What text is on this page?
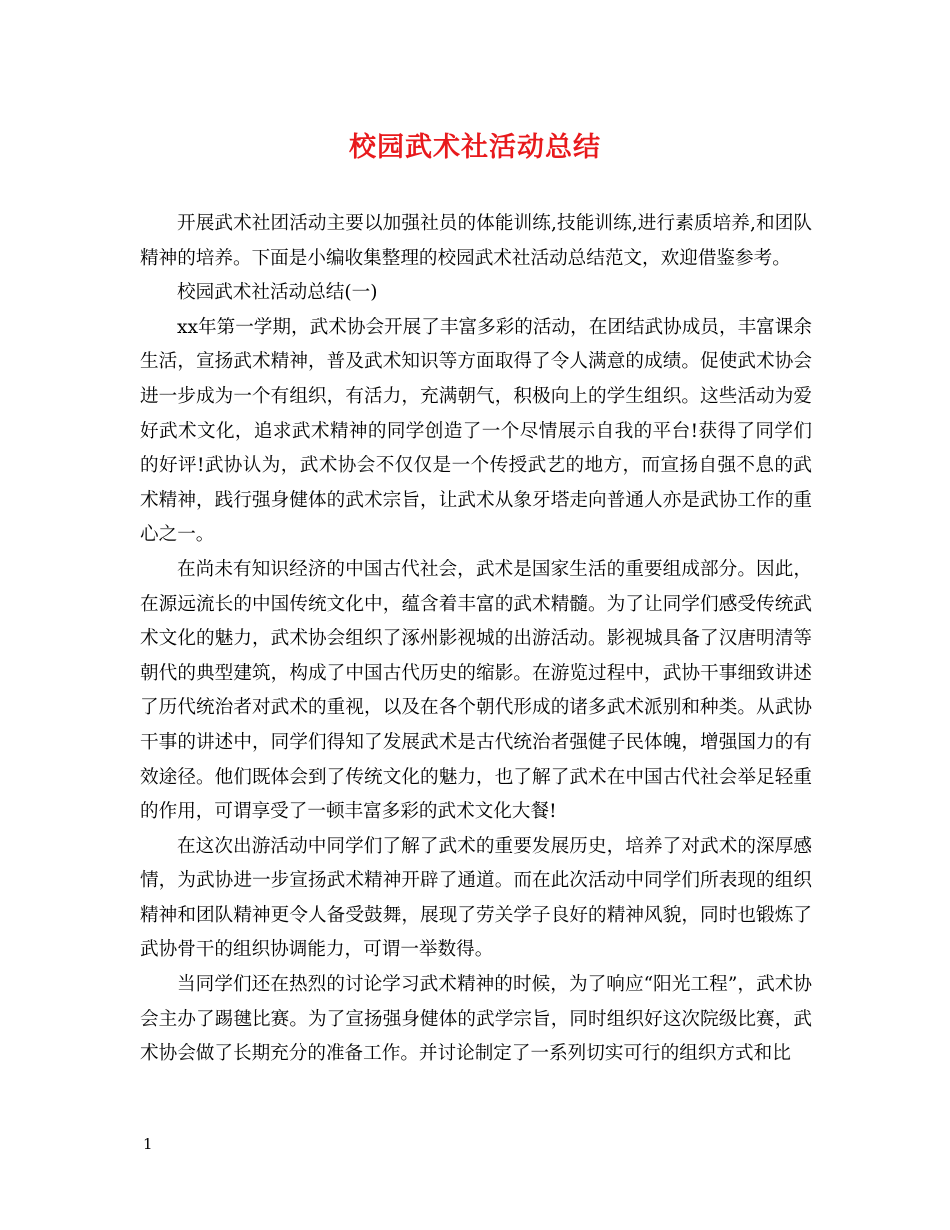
校园武术社活动总结

开展武术社团活动主要以加强社员的体能训练,技能训练,进行素质培养,和团队精神的培养。下面是小编收集整理的校园武术社活动总结范文，欢迎借鉴参考。

校园武术社活动总结(一)

xx年第一学期，武术协会开展了丰富多彩的活动，在团结武协成员，丰富课余生活，宣扬武术精神，普及武术知识等方面取得了令人满意的成绩。促使武术协会进一步成为一个有组织，有活力，充满朝气，积极向上的学生组织。这些活动为爱好武术文化，追求武术精神的同学创造了一个尽情展示自我的平台!获得了同学们的好评!武协认为，武术协会不仅仅是一个传授武艺的地方，而宣扬自强不息的武术精神，践行强身健体的武术宗旨，让武术从象牙塔走向普通人亦是武协工作的重心之一。

在尚未有知识经济的中国古代社会，武术是国家生活的重要组成部分。因此，在源远流长的中国传统文化中，蕴含着丰富的武术精髓。为了让同学们感受传统武术文化的魅力，武术协会组织了涿州影视城的出游活动。影视城具备了汉唐明清等朝代的典型建筑，构成了中国古代历史的缩影。在游览过程中，武协干事细致讲述了历代统治者对武术的重视，以及在各个朝代形成的诸多武术派别和种类。从武协干事的讲述中，同学们得知了发展武术是古代统治者强健子民体魄，增强国力的有效途径。他们既体会到了传统文化的魅力，也了解了武术在中国古代社会举足轻重的作用，可谓享受了一顿丰富多彩的武术文化大餐!

在这次出游活动中同学们了解了武术的重要发展历史，培养了对武术的深厚感情，为武协进一步宣扬武术精神开辟了通道。而在此次活动中同学们所表现的组织精神和团队精神更令人备受鼓舞，展现了劳关学子良好的精神风貌，同时也锻炼了武协骨干的组织协调能力，可谓一举数得。

当同学们还在热烈的讨论学习武术精神的时候，为了响应“阳光工程”，武术协会主办了踢毽比赛。为了宣扬强身健体的武学宗旨，同时组织好这次院级比赛，武术协会做了长期充分的准备工作。并讨论制定了一系列切实可行的组织方式和比

1
